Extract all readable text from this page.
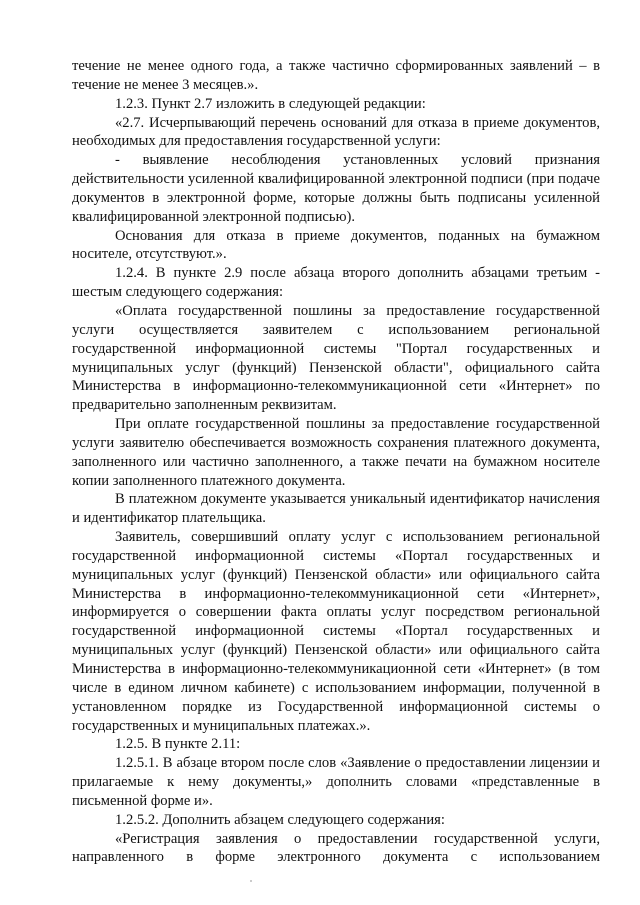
течение не менее одного года, а также частично сформированных заявлений – в течение не менее 3 месяцев.».

1.2.3. Пункт 2.7 изложить в следующей редакции:

«2.7. Исчерпывающий перечень оснований для отказа в приеме документов, необходимых для предоставления государственной услуги:

- выявление несоблюдения установленных условий признания действительности усиленной квалифицированной электронной подписи (при подаче документов в электронной форме, которые должны быть подписаны усиленной квалифицированной электронной подписью).

Основания для отказа в приеме документов, поданных на бумажном носителе, отсутствуют.».

1.2.4. В пункте 2.9 после абзаца второго дополнить абзацами третьим - шестым следующего содержания:

«Оплата государственной пошлины за предоставление государственной услуги осуществляется заявителем с использованием региональной государственной информационной системы "Портал государственных и муниципальных услуг (функций) Пензенской области", официального сайта Министерства в информационно-телекоммуникационной сети «Интернет» по предварительно заполненным реквизитам.

При оплате государственной пошлины за предоставление государственной услуги заявителю обеспечивается возможность сохранения платежного документа, заполненного или частично заполненного, а также печати на бумажном носителе копии заполненного платежного документа.

В платежном документе указывается уникальный идентификатор начисления и идентификатор плательщика.

Заявитель, совершивший оплату услуг с использованием региональной государственной информационной системы «Портал государственных и муниципальных услуг (функций) Пензенской области» или официального сайта Министерства в информационно-телекоммуникационной сети «Интернет», информируется о совершении факта оплаты услуг посредством региональной государственной информационной системы «Портал государственных и муниципальных услуг (функций) Пензенской области» или официального сайта Министерства в информационно-телекоммуникационной сети «Интернет» (в том числе в едином личном кабинете) с использованием информации, полученной в установленном порядке из Государственной информационной системы о государственных и муниципальных платежах.».

1.2.5. В пункте 2.11:

1.2.5.1. В абзаце втором после слов «Заявление о предоставлении лицензии и прилагаемые к нему документы,» дополнить словами «представленные в письменной форме и».

1.2.5.2. Дополнить абзацем следующего содержания:

«Регистрация заявления о предоставлении государственной услуги, направленного в форме электронного документа с использованием
